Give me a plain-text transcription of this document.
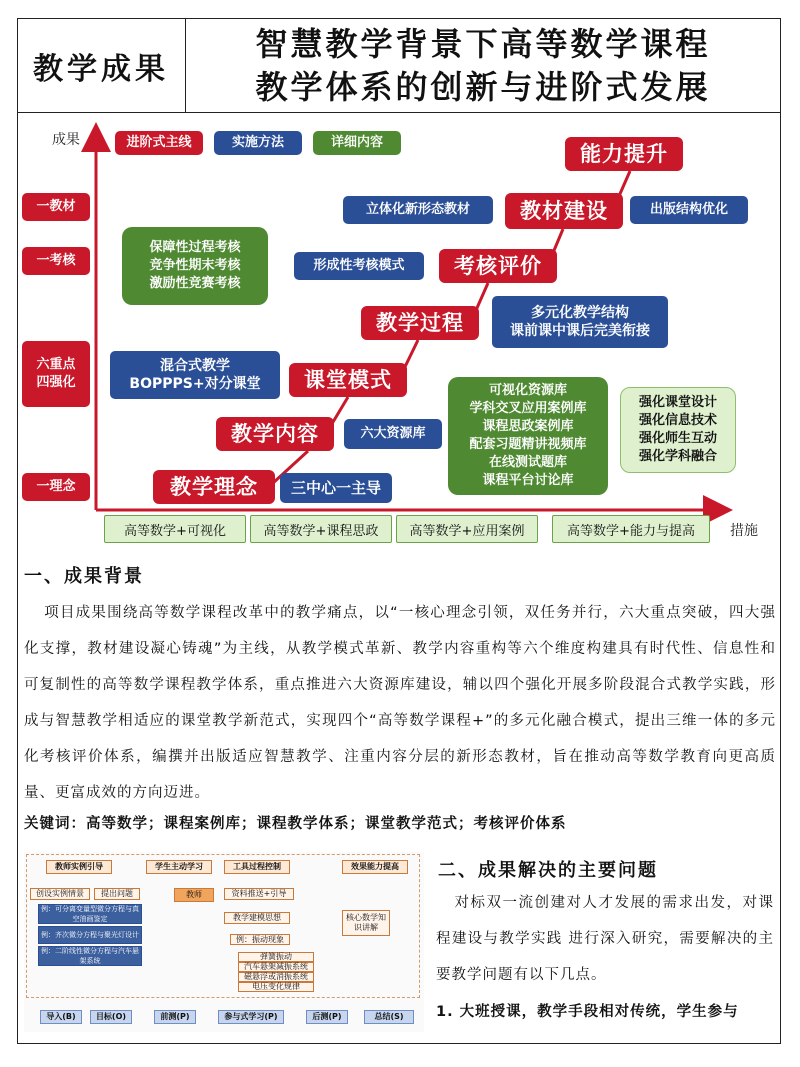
教学成果
智慧教学背景下高等数学课程
教学体系的创新与进阶式发展
成果
措施
进阶式主线	实施方法	详细内容
一教材
一考核
六重点
四强化
一理念	教学理念
教学内容
课堂模式
教学过程
考核评价
教材建设
能力提升
三中心一主导
六大资源库
混合式教学
BOPPPS+对分课堂
多元化教学结构
课前课中课后完美衔接
形成性考核模式
立体化新形态教材	出版结构优化
保障性过程考核
竞争性期末考核
激励性竞赛考核
可视化资源库
学科交叉应用案例库
课程思政案例库
配套习题精讲视频库
在线测试题库
课程平台讨论库
强化课堂设计
强化信息技术
强化师生互动
强化学科融合
高等数学+可视化	高等数学+课程思政	高等数学+应用案例	高等数学+能力与提高
一、成果背景
项目成果围绕高等数学课程改革中的教学痛点，以“一核心理念引领，双任务并行，六大重点突破，四大强化支撑，教材建设凝心铸魂”为主线，从教学模式革新、教学内容重构等六个维度构建具有时代性、信息性和可复制性的高等数学课程教学体系，重点推进六大资源库建设，辅以四个强化开展多阶段混合式教学实践，形成与智慧教学相适应的课堂教学新范式，实现四个“高等数学课程+”的多元化融合模式，提出三维一体的多元化考核评价体系，编撰并出版适应智慧教学、注重内容分层的新形态教材，旨在推动高等数学教育向更高质量、更富成效的方向迈进。
关键词：高等数学；课程案例库；课程教学体系；课堂教学范式；考核评价体系
教师实例引导	学生主动学习	工具过程控制	效果能力提高
创设实例情景	提出问题
例：可分离变量型微分方程与真空油画鉴定
例：齐次微分方程与聚光灯设计
例：二阶线性微分方程与汽车悬架系统
教师	资料推送+引导
教学建模思想
例：振动现象
弹簧振动
汽车悬架减振系统
磁悬浮或消振系统
电压变化规律
核心数学知识讲解
导入(B)	目标(O)	前测(P)	参与式学习(P)	后测(P)	总结(S)
二、成果解决的主要问题
对标双一流创建对人才发展的需求出发，对课程建设与教学实践 进行深入研究，需要解决的主要教学问题有以下几点。
1. 大班授课，教学手段相对传统，学生参与
